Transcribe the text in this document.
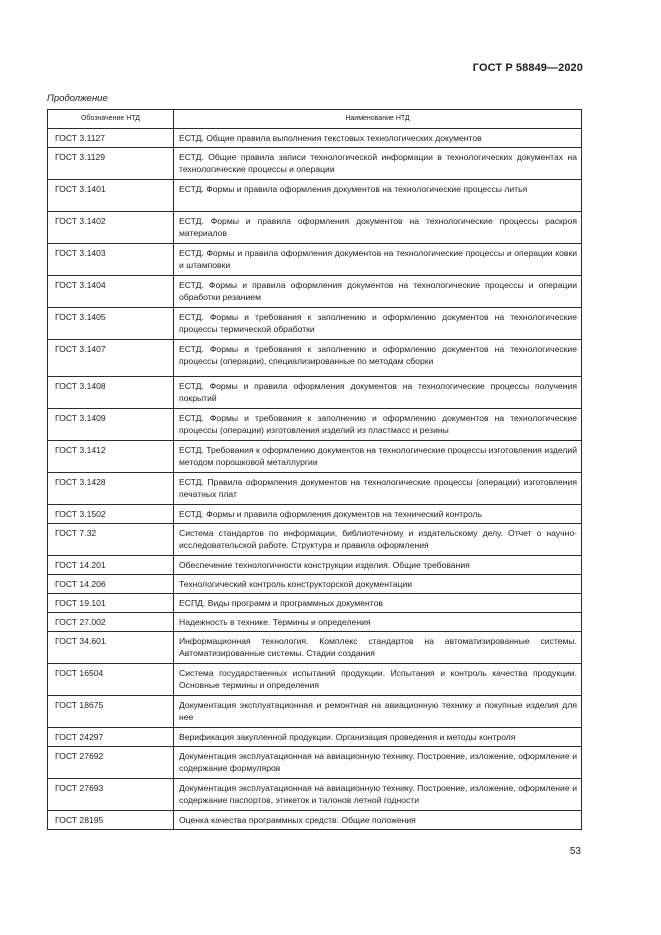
ГОСТ Р 58849—2020
Продолжение
Обозначение НТД	Наименование НТД
ГОСТ 3.1127	ЕСТД. Общие правила выполнения текстовых технологических документов
ГОСТ 3.1129	ЕСТД. Общие правила записи технологической информации в технологических документах на технологические процессы и операции
ГОСТ 3.1401	ЕСТД. Формы и правила оформления документов на технологические процессы литья
ГОСТ 3.1402	ЕСТД. Формы и правила оформления документов на технологические процессы раскроя материалов
ГОСТ 3.1403	ЕСТД. Формы и правила оформления документов на технологические процессы и операции ковки и штамповки
ГОСТ 3.1404	ЕСТД. Формы и правила оформления документов на технологические процессы и операции обработки резанием
ГОСТ 3.1405	ЕСТД. Формы и требования к заполнению и оформлению документов на технологические процессы термической обработки
ГОСТ 3.1407	ЕСТД. Формы и требования к заполнению и оформлению документов на технологические процессы (операции), специализированные по методам сборки
ГОСТ 3.1408	ЕСТД. Формы и правила оформления документов на технологические процессы получения покрытий
ГОСТ 3.1409	ЕСТД. Формы и требования к заполнению и оформлению документов на технологические процессы (операции) изготовления изделий из пластмасс и резины
ГОСТ 3.1412	ЕСТД. Требования к оформлению документов на технологические процессы изготовления изделий методом порошковой металлургии
ГОСТ 3.1428	ЕСТД. Правила оформления документов на технологические процессы (операции) изготовления печатных плат
ГОСТ 3.1502	ЕСТД. Формы и правила оформления документов на технический контроль
ГОСТ 7.32	Система стандартов по информации, библиотечному и издательскому делу. Отчет о научно-исследовательской работе. Структура и правила оформления
ГОСТ 14.201	Обеспечение технологичности конструкции изделия. Общие требования
ГОСТ 14.206	Технологический контроль конструкторской документации
ГОСТ 19.101	ЕСПД. Виды программ и программных документов
ГОСТ 27.002	Надежность в технике. Термины и определения
ГОСТ 34.601	Информационная технология. Комплекс стандартов на автоматизированные системы. Автоматизированные системы. Стадии создания
ГОСТ 16504	Система государственных испытаний продукции. Испытания и контроль качества продукции. Основные термины и определения
ГОСТ 18675	Документация эксплуатационная и ремонтная на авиационную технику и покупные изделия для нее
ГОСТ 24297	Верификация закупленной продукции. Организация проведения и методы контроля
ГОСТ 27692	Документация эксплуатационная на авиационную технику. Построение, изложение, оформление и содержание формуляров
ГОСТ 27693	Документация эксплуатационная на авиационную технику. Построение, изложение, оформление и содержание паспортов, этикеток и талонов летной годности
ГОСТ 28195	Оценка качества программных средств. Общие положения
53
